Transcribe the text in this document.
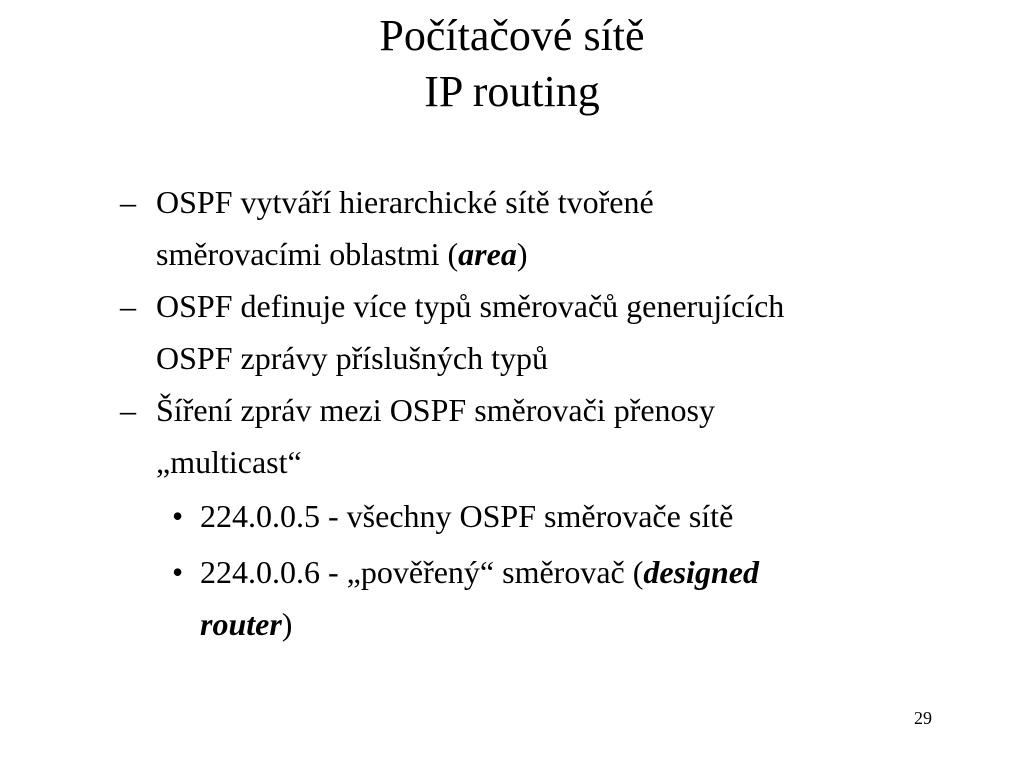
Počítačové sítě
IP routing
– OSPF vytváří hierarchické sítě tvořené
směrovacími oblastmi (area)
– OSPF definuje více typů směrovačů generujících
OSPF zprávy příslušných typů
– Šíření zpráv mezi OSPF směrovači přenosy
„multicast“
• 224.0.0.5 - všechny OSPF směrovače sítě
• 224.0.0.6 - „pověřený“ směrovač (designed
router)
29
